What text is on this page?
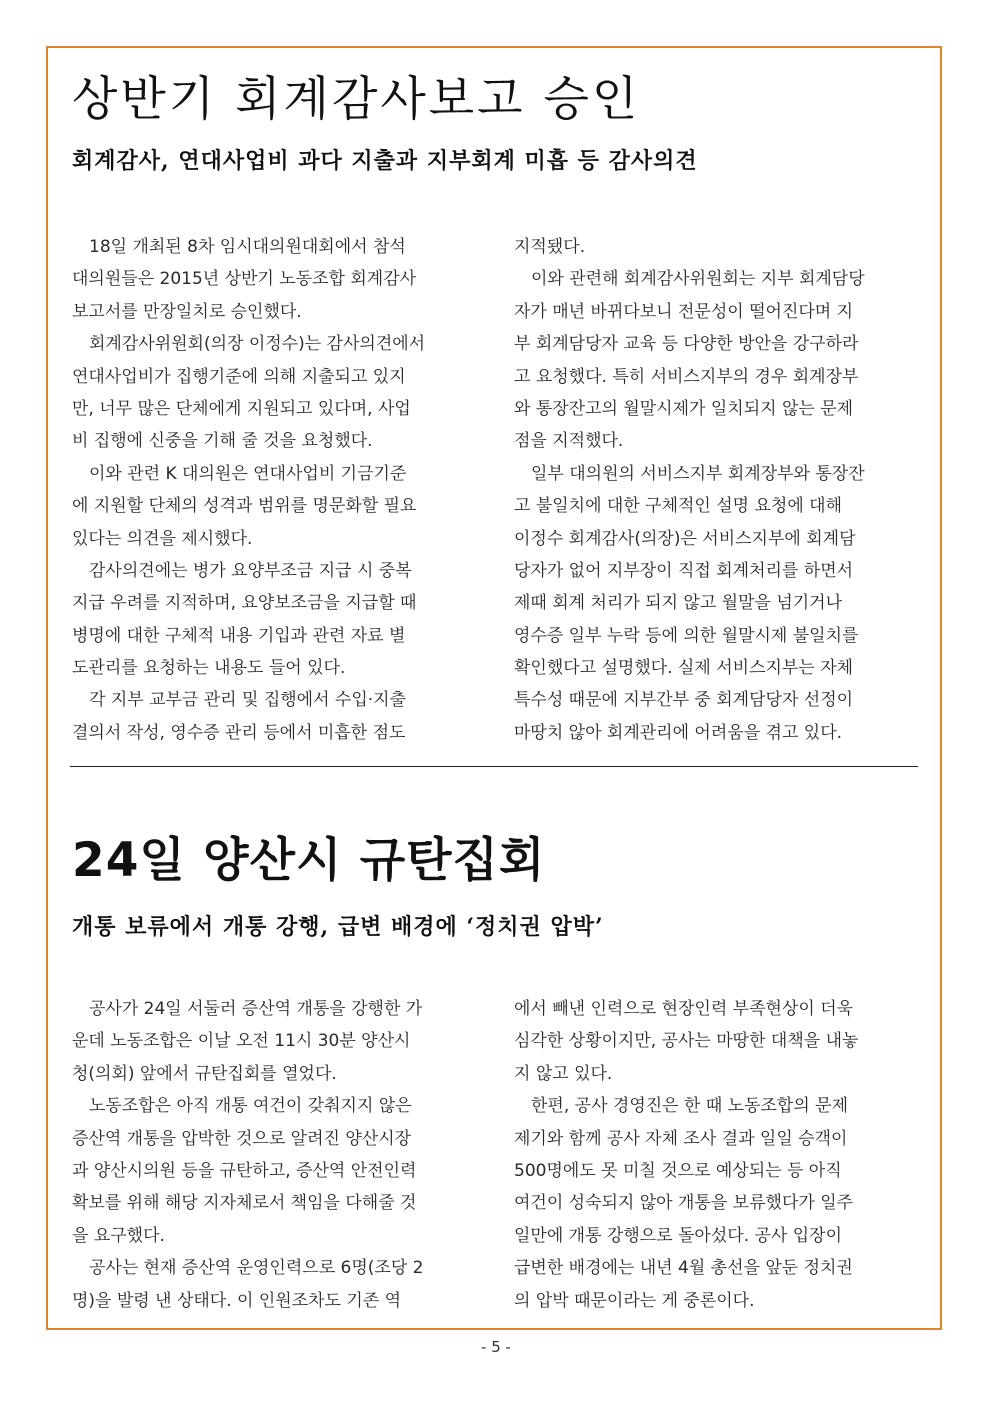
상반기 회계감사보고 승인
회계감사, 연대사업비 과다 지출과 지부회계 미흡 등 감사의견
  18일 개최된 8차 임시대의원대회에서 참석
대의원들은 2015년 상반기 노동조합 회계감사
보고서를 만장일치로 승인했다.
  회계감사위원회(의장 이정수)는 감사의견에서
연대사업비가 집행기준에 의해 지출되고 있지
만, 너무 많은 단체에게 지원되고 있다며, 사업
비 집행에 신중을 기해 줄 것을 요청했다.
  이와 관련 K 대의원은 연대사업비 기금기준
에 지원할 단체의 성격과 범위를 명문화할 필요
있다는 의견을 제시했다.
  감사의견에는 병가 요양부조금 지급 시 중복
지급 우려를 지적하며, 요양보조금을 지급할 때
병명에 대한 구체적 내용 기입과 관련 자료 별
도관리를 요청하는 내용도 들어 있다.
  각 지부 교부금 관리 및 집행에서 수입·지출
결의서 작성, 영수증 관리 등에서 미흡한 점도
지적됐다.
  이와 관련해 회계감사위원회는 지부 회계담당
자가 매년 바뀌다보니 전문성이 떨어진다며 지
부 회계담당자 교육 등 다양한 방안을 강구하라
고 요청했다. 특히 서비스지부의 경우 회계장부
와 통장잔고의 월말시제가 일치되지 않는 문제
점을 지적했다.
  일부 대의원의 서비스지부 회계장부와 통장잔
고 불일치에 대한 구체적인 설명 요청에 대해
이정수 회계감사(의장)은 서비스지부에 회계담
당자가 없어 지부장이 직접 회계처리를 하면서
제때 회계 처리가 되지 않고 월말을 넘기거나
영수증 일부 누락 등에 의한 월말시제 불일치를
확인했다고 설명했다. 실제 서비스지부는 자체
특수성 때문에 지부간부 중 회계담당자 선정이
마땅치 않아 회계관리에 어려움을 겪고 있다.
24일 양산시 규탄집회
개통 보류에서 개통 강행, 급변 배경에 ‘정치권 압박’
  공사가 24일 서둘러 증산역 개통을 강행한 가
운데 노동조합은 이날 오전 11시 30분 양산시
청(의회) 앞에서 규탄집회를 열었다.
  노동조합은 아직 개통 여건이 갖춰지지 않은
증산역 개통을 압박한 것으로 알려진 양산시장
과 양산시의원 등을 규탄하고, 증산역 안전인력
확보를 위해 해당 지자체로서 책임을 다해줄 것
을 요구했다.
  공사는 현재 증산역 운영인력으로 6명(조당 2
명)을 발령 낸 상태다. 이 인원조차도 기존 역
에서 빼낸 인력으로 현장인력 부족현상이 더욱
심각한 상황이지만, 공사는 마땅한 대책을 내놓
지 않고 있다.
  한편, 공사 경영진은 한 때 노동조합의 문제
제기와 함께 공사 자체 조사 결과 일일 승객이
500명에도 못 미칠 것으로 예상되는 등 아직
여건이 성숙되지 않아 개통을 보류했다가 일주
일만에 개통 강행으로 돌아섰다. 공사 입장이
급변한 배경에는 내년 4월 총선을 앞둔 정치권
의 압박 때문이라는 게 중론이다.
- 5 -
